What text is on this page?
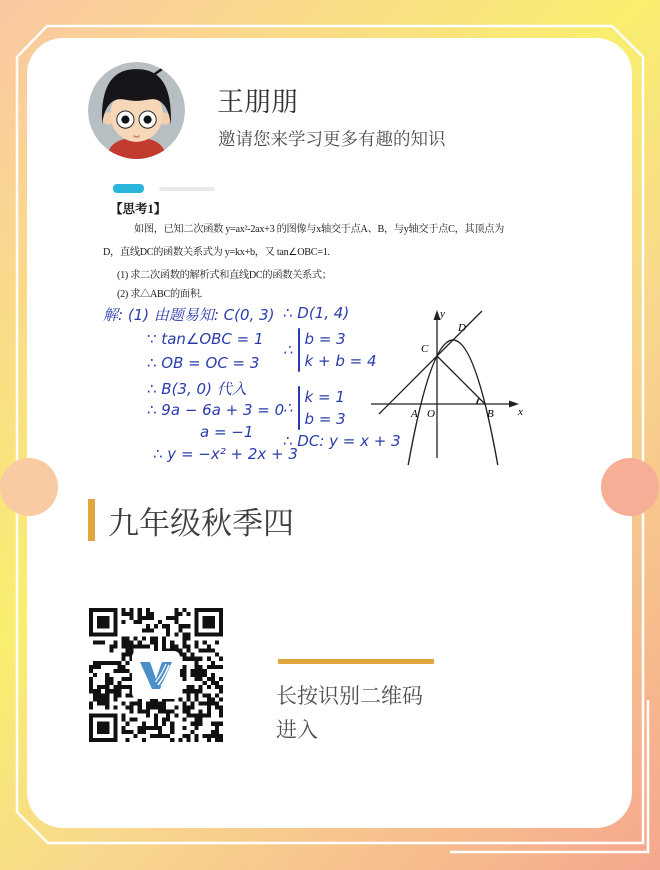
王朋朋
邀请您来学习更多有趣的知识
【思考1】
如图，已知二次函数 y=ax²-2ax+3 的图像与x轴交于点A、B，与y轴交于点C，其顶点为
D，直线DC的函数关系式为 y=kx+b，又 tan∠OBC=1.
(1) 求二次函数的解析式和直线DC的函数关系式；
(2) 求△ABC的面积.
解: (1) 由题易知: C(0, 3)
∵ tan∠OBC = 1
∴ OB = OC = 3
∴ B(3, 0) 代入
∴ 9a − 6a + 3 = 0
a = −1
∴ y = −x² + 2x + 3
∴ D(1, 4)
∴
b = 3
k + b = 4
∴
k = 1
b = 3
∴ DC: y = x + 3
y
x
A O	B
C
D
九年级秋季四
长按识别二维码
进入
